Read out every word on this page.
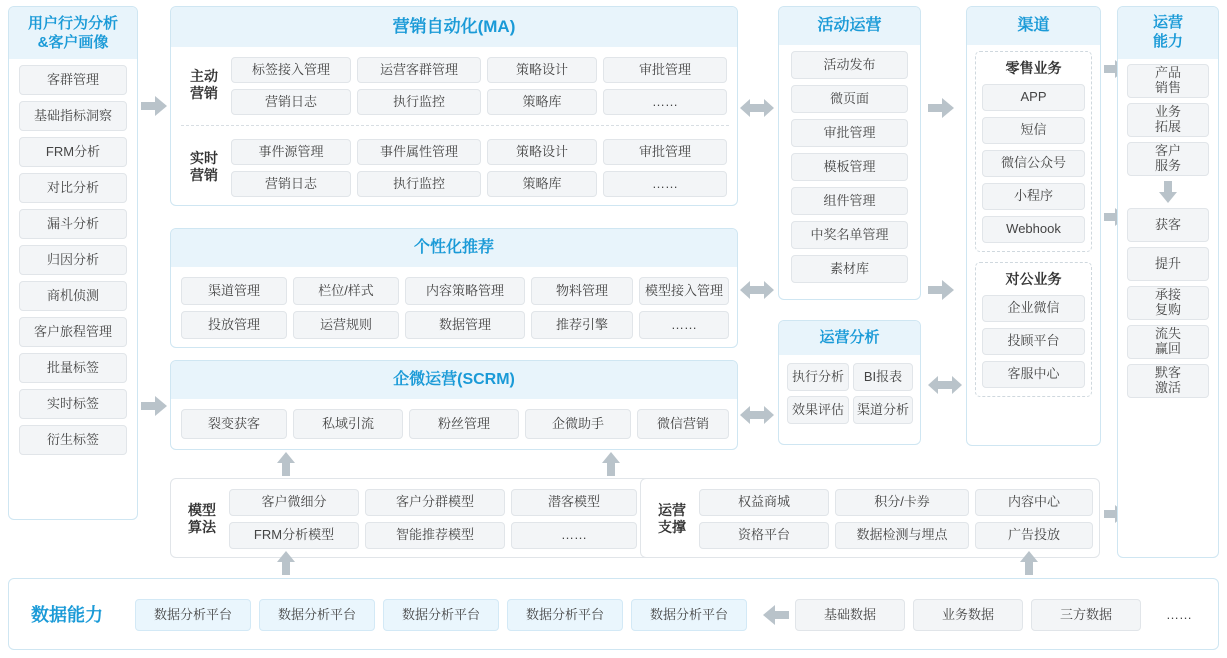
用户行为分析
&客户画像
客群管理
基础指标洞察
FRM分析
对比分析
漏斗分析
归因分析
商机侦测
客户旅程管理
批量标签
实时标签
衍生标签
营销自动化(MA)
主动
营销
标签接入管理	运营客群管理	策略设计	审批管理
营销日志	执行监控	策略库	……
实时
营销
事件源管理	事件属性管理	策略设计	审批管理
营销日志	执行监控	策略库	……
个性化推荐
渠道管理	栏位/样式	内容策略管理	物料管理	模型接入管理
投放管理	运营规则	数据管理	推荐引擎	……
企微运营(SCRM)
裂变获客	私域引流	粉丝管理	企微助手	微信营销
模型
算法
客户微细分	客户分群模型	潜客模型
FRM分析模型	智能推荐模型	……
运营
支撑
权益商城	积分/卡券	内容中心
资格平台	数据检测与埋点	广告投放
活动运营
活动发布
微页面
审批管理
模板管理
组件管理
中奖名单管理
素材库
运营分析
执行分析	BI报表
效果评估	渠道分析
渠道
零售业务
APP
短信
微信公众号
小程序
Webhook
对公业务
企业微信
投顾平台
客服中心
运营
能力
产品
销售
业务
拓展
客户
服务
获客
提升
承接
复购
流失
赢回
默客
激活
数据能力	数据分析平台	数据分析平台	数据分析平台	数据分析平台	数据分析平台	基础数据	业务数据	三方数据	……
